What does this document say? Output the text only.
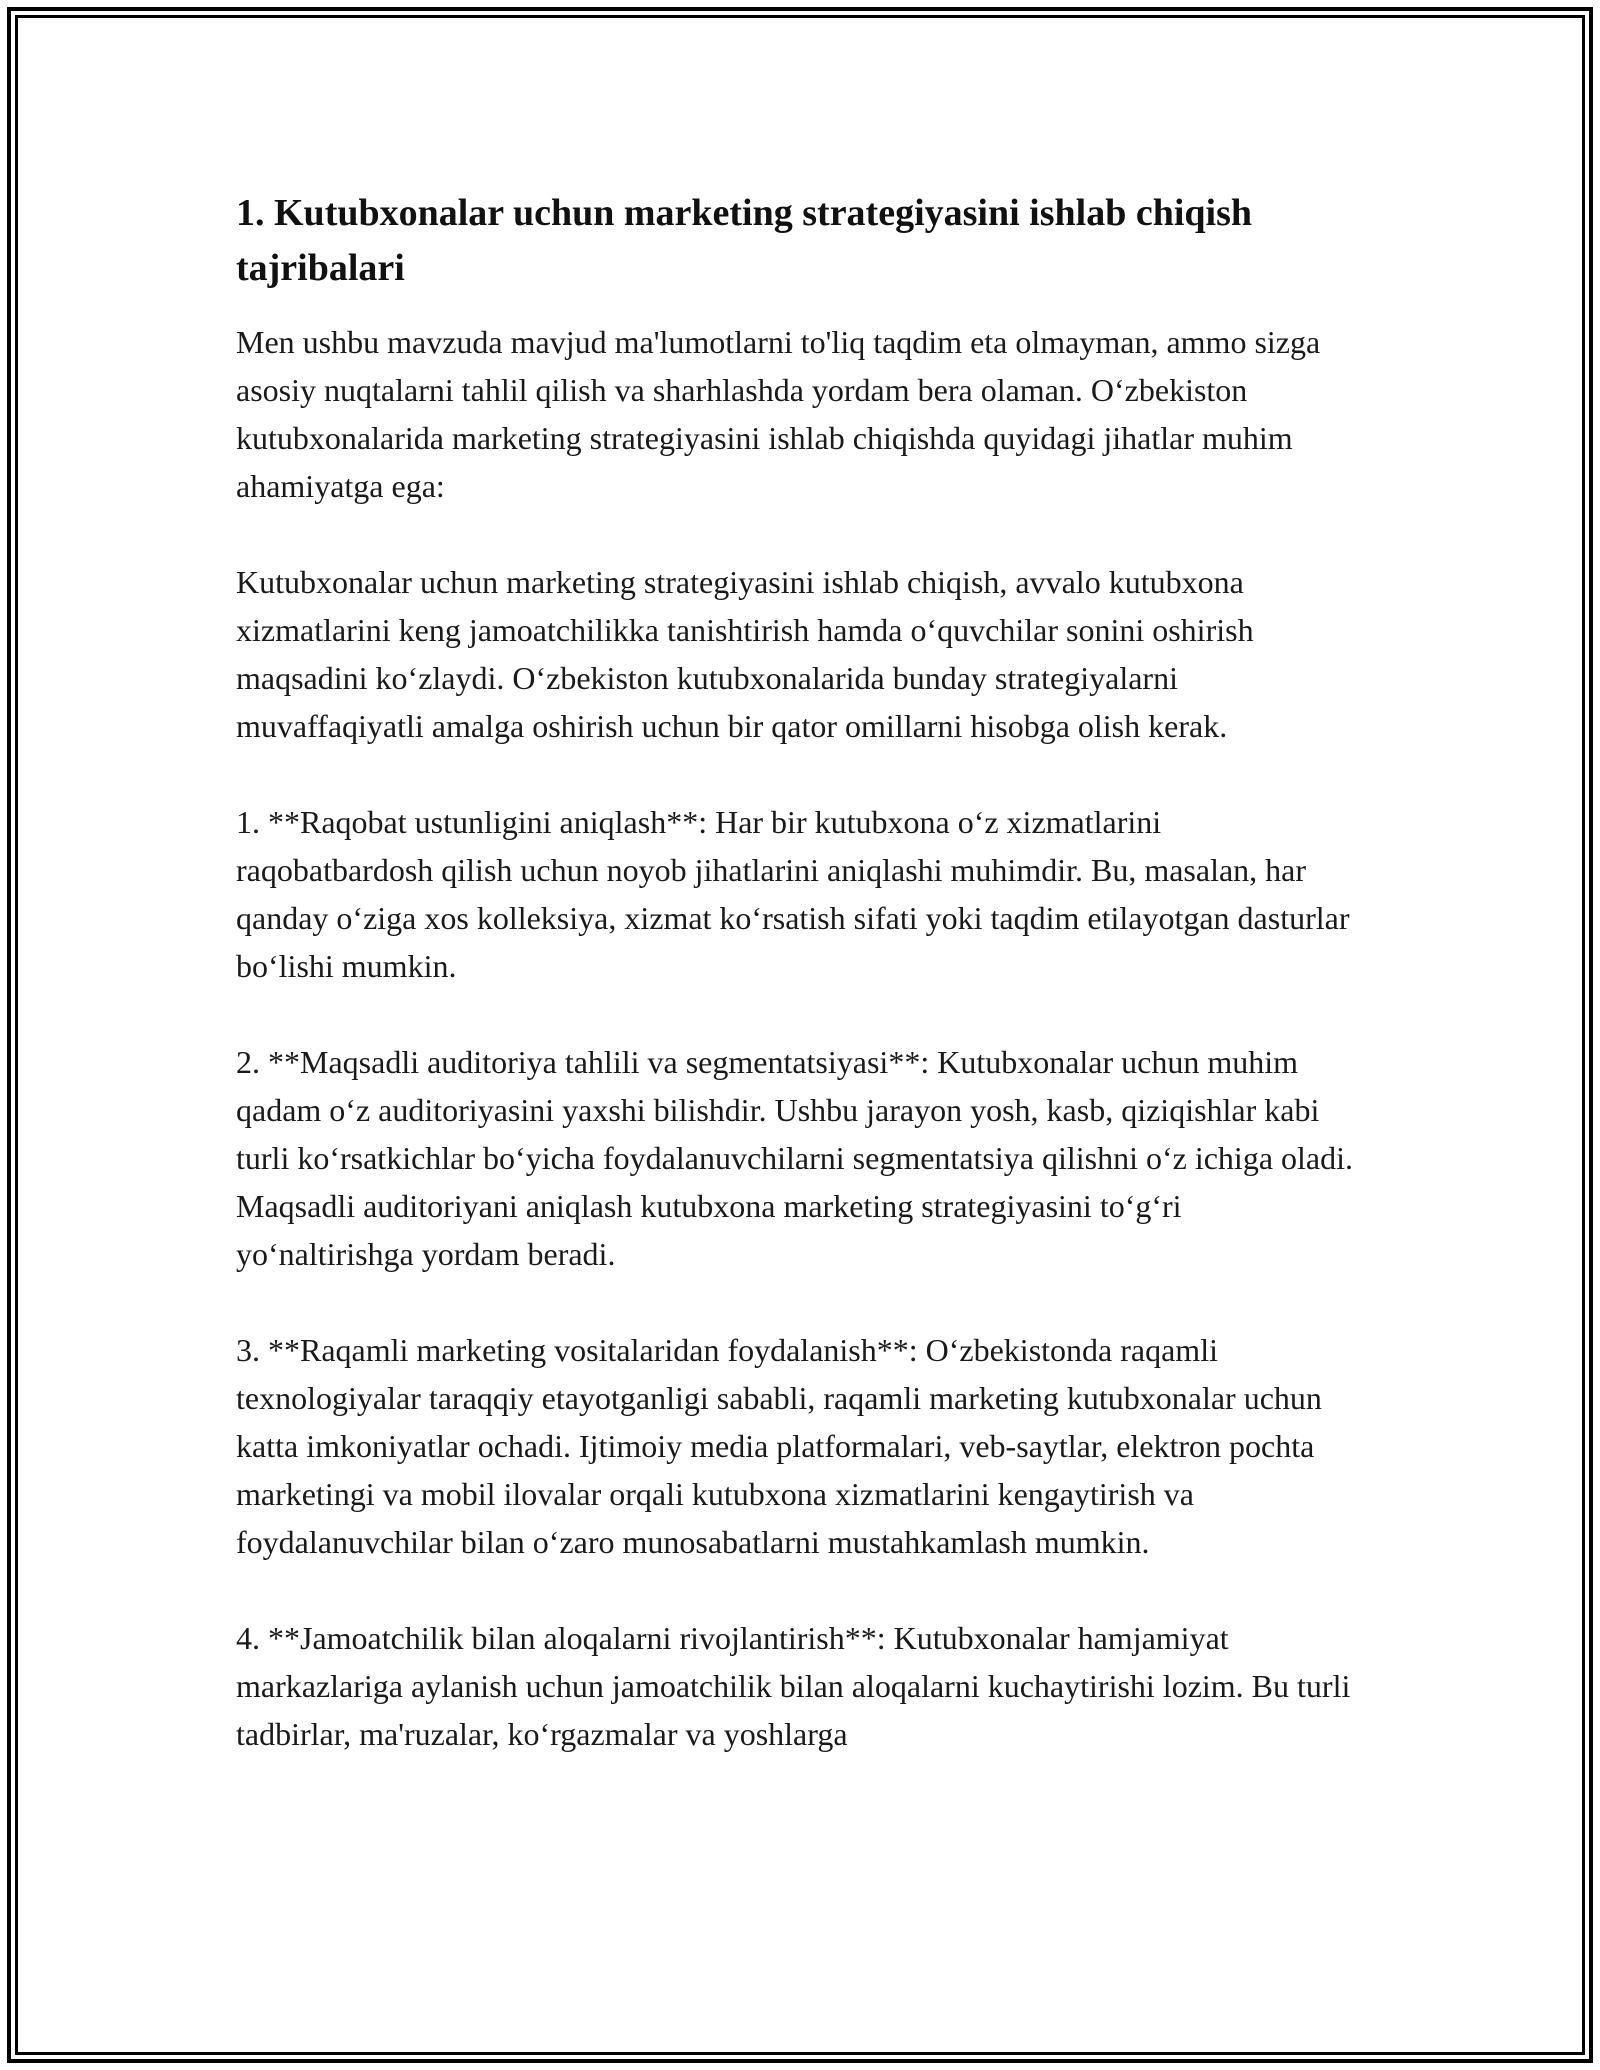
1. Kutubxonalar uchun marketing strategiyasini ishlab chiqish tajribalari

Men ushbu mavzuda mavjud ma'lumotlarni to'liq taqdim eta olmayman, ammo sizga asosiy nuqtalarni tahlil qilish va sharhlashda yordam bera olaman. O‘zbekiston kutubxonalarida marketing strategiyasini ishlab chiqishda quyidagi jihatlar muhim ahamiyatga ega:

Kutubxonalar uchun marketing strategiyasini ishlab chiqish, avvalo kutubxona xizmatlarini keng jamoatchilikka tanishtirish hamda o‘quvchilar sonini oshirish maqsadini ko‘zlaydi. O‘zbekiston kutubxonalarida bunday strategiyalarni muvaffaqiyatli amalga oshirish uchun bir qator omillarni hisobga olish kerak.

1. **Raqobat ustunligini aniqlash**: Har bir kutubxona o‘z xizmatlarini raqobatbardosh qilish uchun noyob jihatlarini aniqlashi muhimdir. Bu, masalan, har qanday o‘ziga xos kolleksiya, xizmat ko‘rsatish sifati yoki taqdim etilayotgan dasturlar bo‘lishi mumkin.

2. **Maqsadli auditoriya tahlili va segmentatsiyasi**: Kutubxonalar uchun muhim qadam o‘z auditoriyasini yaxshi bilishdir. Ushbu jarayon yosh, kasb, qiziqishlar kabi turli ko‘rsatkichlar bo‘yicha foydalanuvchilarni segmentatsiya qilishni o‘z ichiga oladi. Maqsadli auditoriyani aniqlash kutubxona marketing strategiyasini to‘g‘ri yo‘naltirishga yordam beradi.

3. **Raqamli marketing vositalaridan foydalanish**: O‘zbekistonda raqamli texnologiyalar taraqqiy etayotganligi sababli, raqamli marketing kutubxonalar uchun katta imkoniyatlar ochadi. Ijtimoiy media platformalari, veb-saytlar, elektron pochta marketingi va mobil ilovalar orqali kutubxona xizmatlarini kengaytirish va foydalanuvchilar bilan o‘zaro munosabatlarni mustahkamlash mumkin.

4. **Jamoatchilik bilan aloqalarni rivojlantirish**: Kutubxonalar hamjamiyat markazlariga aylanish uchun jamoatchilik bilan aloqalarni kuchaytirishi lozim. Bu turli tadbirlar, ma'ruzalar, ko‘rgazmalar va yoshlarga
